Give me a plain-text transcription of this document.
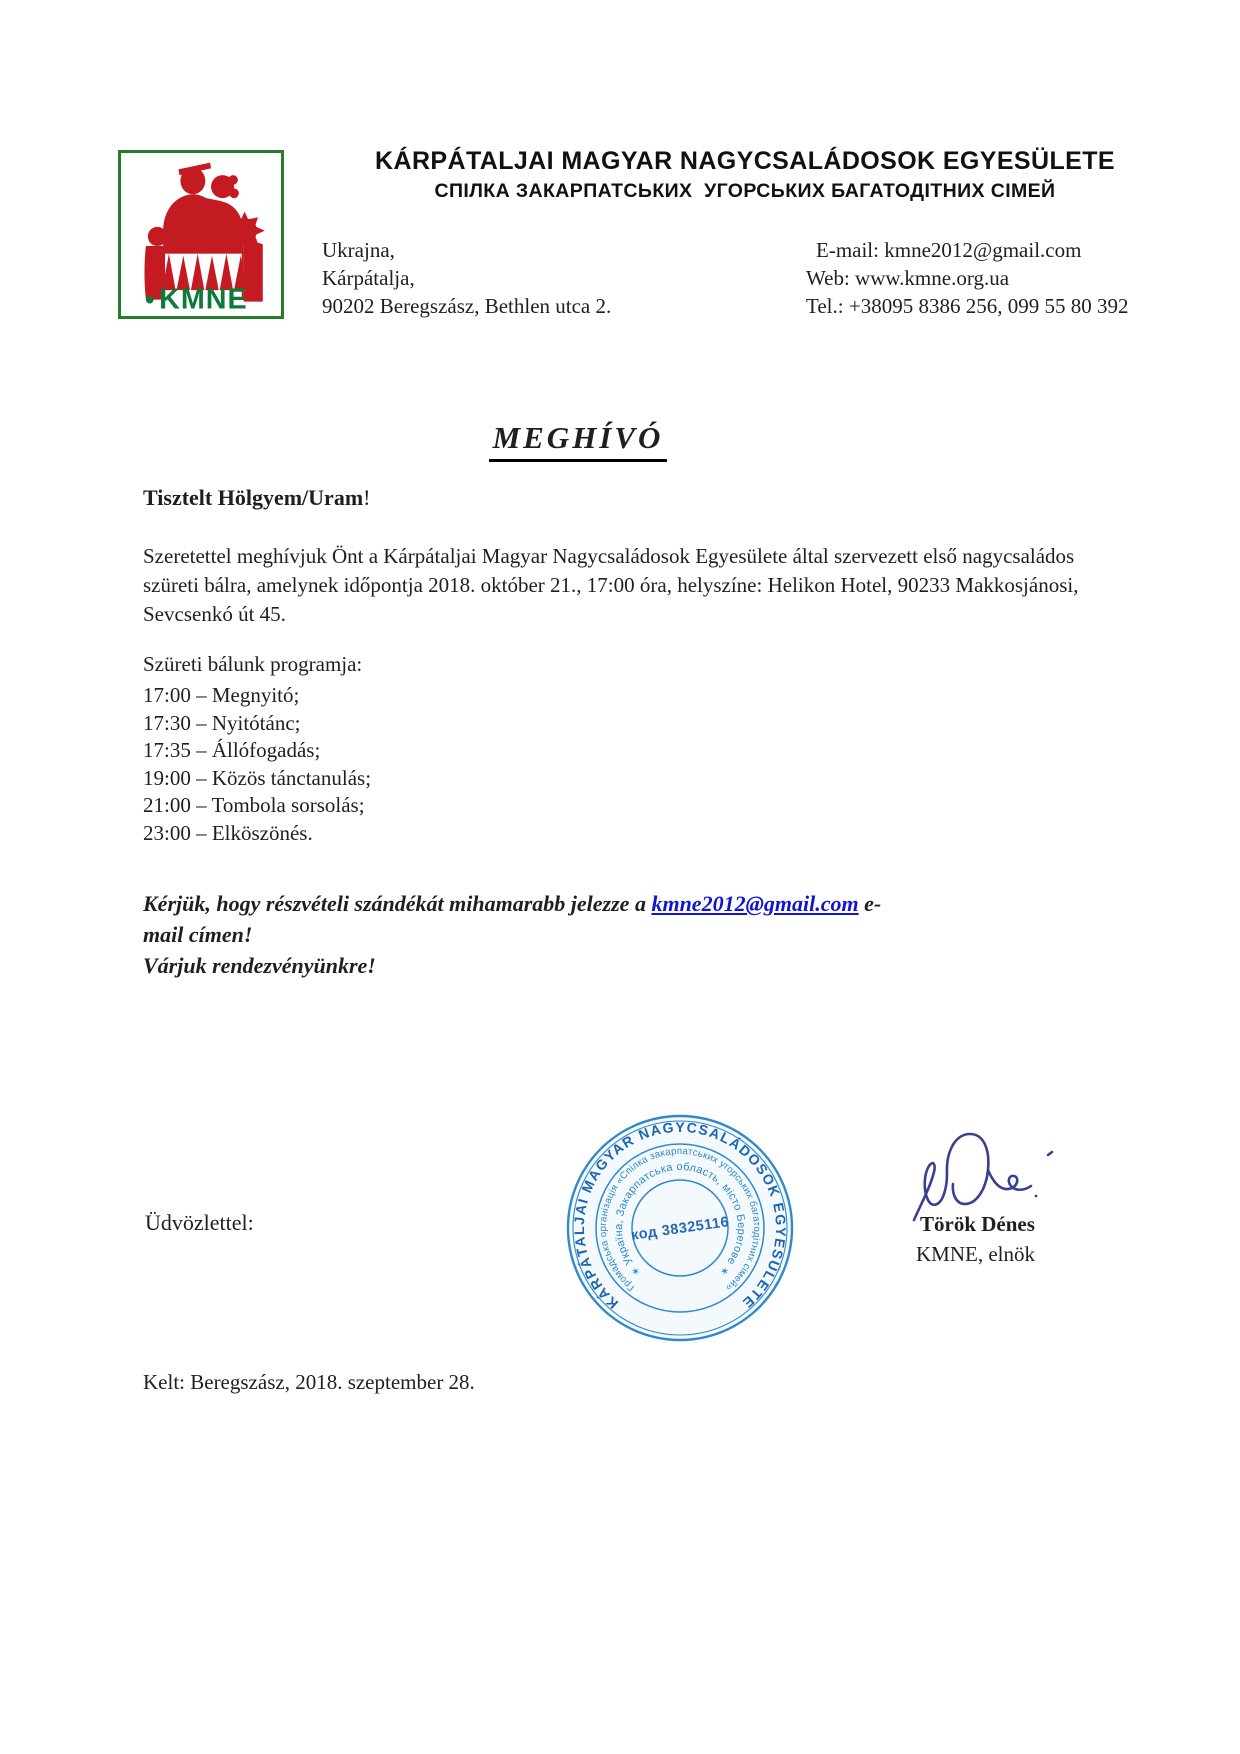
KMNE
KÁRPÁTALJAI MAGYAR NAGYCSALÁDOSOK EGYESÜLETE
СПІЛКА ЗАКАРПАТСЬКИХ  УГОРСЬКИХ БАГАТОДІТНИХ СІМЕЙ
Ukrajna,
Kárpátalja,
90202 Beregszász, Bethlen utca 2.
E-mail: kmne2012@gmail.com
Web: www.kmne.org.ua
Tel.: +38095 8386 256, 099 55 80 392
MEGHÍVÓ
Tisztelt Hölgyem/Uram!
Szeretettel meghívjuk Önt a Kárpátaljai Magyar Nagycsaládosok Egyesülete által szervezett első nagycsaládos szüreti bálra, amelynek időpontja 2018. október 21., 17:00 óra, helyszíne: Helikon Hotel, 90233 Makkosjánosi, Sevcsenkó út 45.
Szüreti bálunk programja:
17:00 – Megnyitó;
17:30 – Nyitótánc;
17:35 – Állófogadás;
19:00 – Közös tánctanulás;
21:00 – Tombola sorsolás;
23:00 – Elköszönés.
Kérjük, hogy részvételi szándékát mihamarabb jelezze a kmne2012@gmail.com e-
mail címen!
Várjuk rendezvényünkre!
Üdvözlettel:
KÁRPÁTALJAI MAGYAR NAGYCSALÁDOSOK EGYESÜLETE
Громадська організація «Спілка закарпатських угорських багатодітних сімей»
✶ Україна, Закарпатська область, місто Берегове ✶
код 38325116	Török Dénes
KMNE, elnök
Kelt: Beregszász, 2018. szeptember 28.
